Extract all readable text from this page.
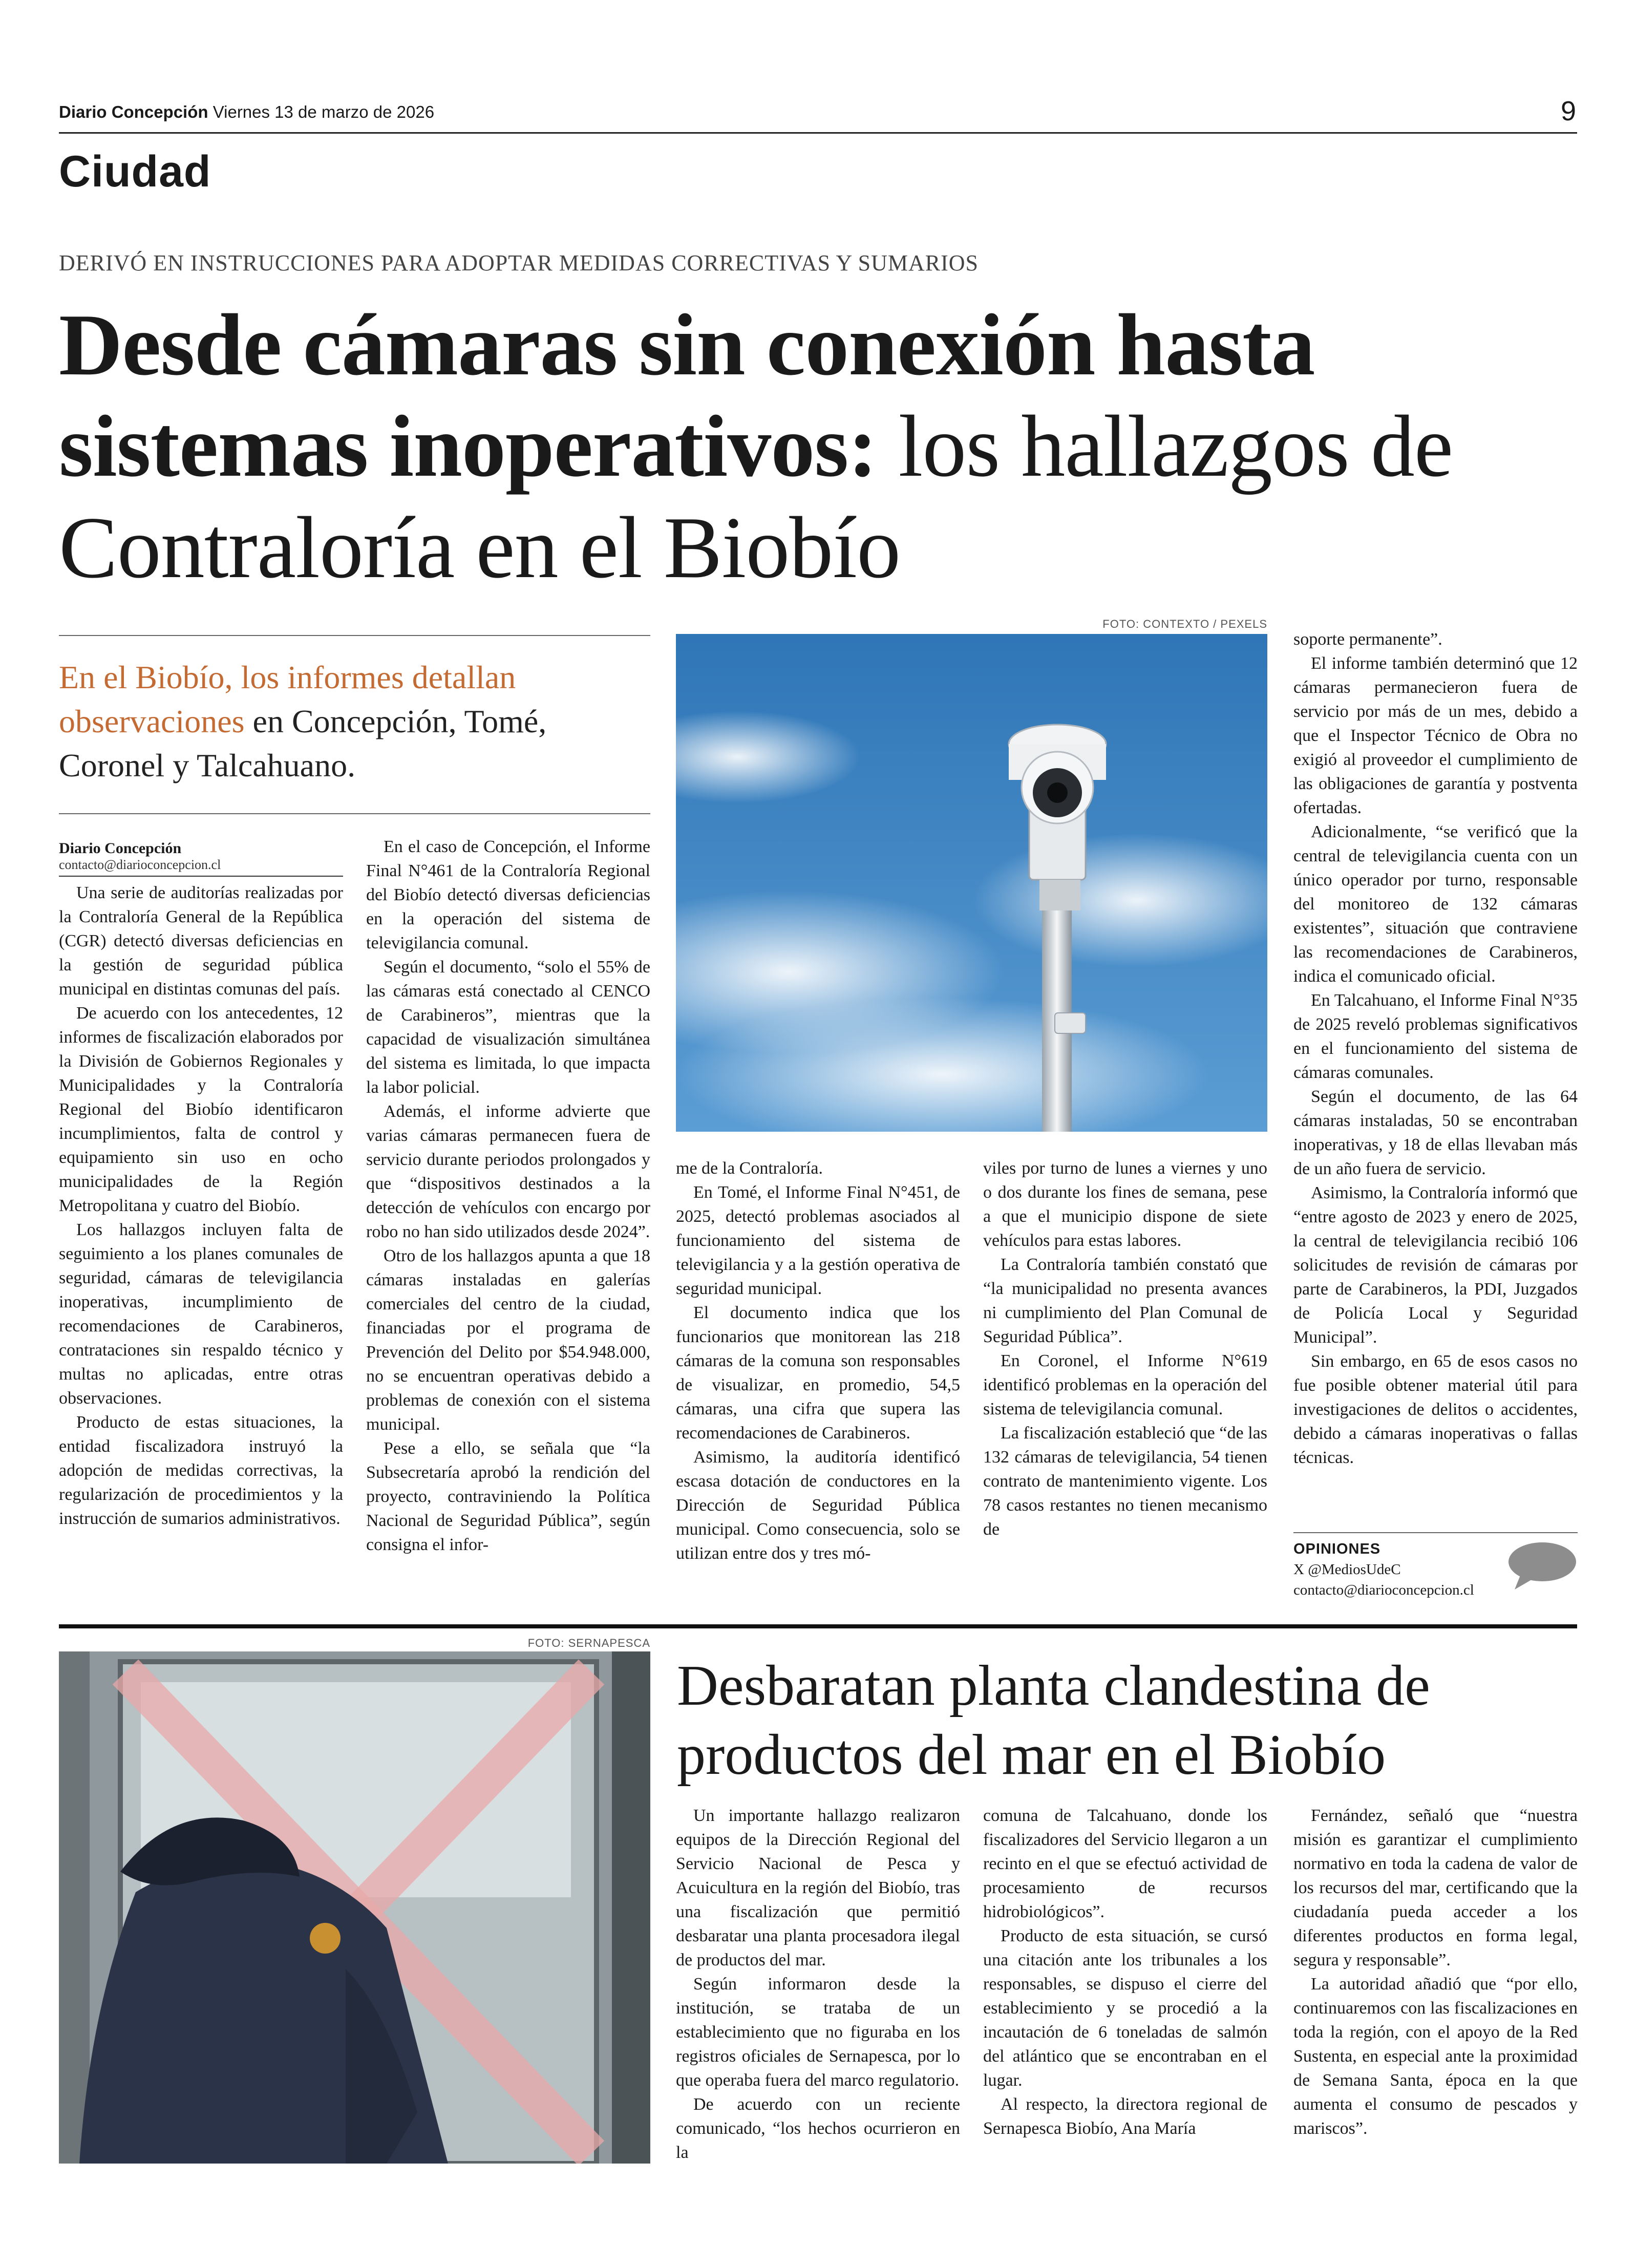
Diario Concepción Viernes 13 de marzo de 2026	9
Ciudad
DERIVÓ EN INSTRUCCIONES PARA ADOPTAR MEDIDAS CORRECTIVAS Y SUMARIOS
Desde cámaras sin conexión hasta sistemas inoperativos: los hallazgos de Contraloría en el Biobío
En el Biobío, los informes detallan observaciones en Concepción, Tomé, Coronel y Talcahuano.
Diario Concepción
contacto@diarioconcepcion.cl

Una serie de auditorías realizadas por la Contraloría General de la República (CGR) detectó diversas deficiencias en la gestión de seguridad pública municipal en distintas comunas del país.

De acuerdo con los antecedentes, 12 informes de fiscalización elaborados por la División de Gobiernos Regionales y Municipalidades y la Contraloría Regional del Biobío identificaron incumplimientos, falta de control y equipamiento sin uso en ocho municipalidades de la Región Metropolitana y cuatro del Biobío.

Los hallazgos incluyen falta de seguimiento a los planes comunales de seguridad, cámaras de televigilancia inoperativas, incumplimiento de recomendaciones de Carabineros, contrataciones sin respaldo técnico y multas no aplicadas, entre otras observaciones.

Producto de estas situaciones, la entidad fiscalizadora instruyó la adopción de medidas correctivas, la regularización de procedimientos y la instrucción de sumarios administrativos.

En el caso de Concepción, el Informe Final N°461 de la Contraloría Regional del Biobío detectó diversas deficiencias en la operación del sistema de televigilancia comunal.

Según el documento, “solo el 55% de las cámaras está conectado al CENCO de Carabineros”, mientras que la capacidad de visualización simultánea del sistema es limitada, lo que impacta la labor policial.

Además, el informe advierte que varias cámaras permanecen fuera de servicio durante periodos prolongados y que “dispositivos destinados a la detección de vehículos con encargo por robo no han sido utilizados desde 2024”.

Otro de los hallazgos apunta a que 18 cámaras instaladas en galerías comerciales del centro de la ciudad, financiadas por el programa de Prevención del Delito por $54.948.000, no se encuentran operativas debido a problemas de conexión con el sistema municipal.

Pese a ello, se señala que “la Subsecretaría aprobó la rendición del proyecto, contraviniendo la Política Nacional de Seguridad Pública”, según consigna el infor-

FOTO: CONTEXTO / PEXELS

me de la Contraloría.

En Tomé, el Informe Final N°451, de 2025, detectó problemas asociados al funcionamiento del sistema de televigilancia y a la gestión operativa de seguridad municipal.

El documento indica que los funcionarios que monitorean las 218 cámaras de la comuna son responsables de visualizar, en promedio, 54,5 cámaras, una cifra que supera las recomendaciones de Carabineros.

Asimismo, la auditoría identificó escasa dotación de conductores en la Dirección de Seguridad Pública municipal. Como consecuencia, solo se utilizan entre dos y tres mó-

viles por turno de lunes a viernes y uno o dos durante los fines de semana, pese a que el municipio dispone de siete vehículos para estas labores.

La Contraloría también constató que “la municipalidad no presenta avances ni cumplimiento del Plan Comunal de Seguridad Pública”.

En Coronel, el Informe N°619 identificó problemas en la operación del sistema de televigilancia comunal.

La fiscalización estableció que “de las 132 cámaras de televigilancia, 54 tienen contrato de mantenimiento vigente. Los 78 casos restantes no tienen mecanismo de

soporte permanente”.

El informe también determinó que 12 cámaras permanecieron fuera de servicio por más de un mes, debido a que el Inspector Técnico de Obra no exigió al proveedor el cumplimiento de las obligaciones de garantía y postventa ofertadas.

Adicionalmente, “se verificó que la central de televigilancia cuenta con un único operador por turno, responsable del monitoreo de 132 cámaras existentes”, situación que contraviene las recomendaciones de Carabineros, indica el comunicado oficial.

En Talcahuano, el Informe Final N°35 de 2025 reveló problemas significativos en el funcionamiento del sistema de cámaras comunales.

Según el documento, de las 64 cámaras instaladas, 50 se encontraban inoperativas, y 18 de ellas llevaban más de un año fuera de servicio.

Asimismo, la Contraloría informó que “entre agosto de 2023 y enero de 2025, la central de televigilancia recibió 106 solicitudes de revisión de cámaras por parte de Carabineros, la PDI, Juzgados de Policía Local y Seguridad Municipal”.

Sin embargo, en 65 de esos casos no fue posible obtener material útil para investigaciones de delitos o accidentes, debido a cámaras inoperativas o fallas técnicas.

OPINIONES
X @MediosUdeC
contacto@diarioconcepcion.cl
FOTO: SERNAPESCA
Desbaratan planta clandestina de productos del mar en el Biobío

Un importante hallazgo realizaron equipos de la Dirección Regional del Servicio Nacional de Pesca y Acuicultura en la región del Biobío, tras una fiscalización que permitió desbaratar una planta procesadora ilegal de productos del mar.

Según informaron desde la institución, se trataba de un establecimiento que no figuraba en los registros oficiales de Sernapesca, por lo que operaba fuera del marco regulatorio.

De acuerdo con un reciente comunicado, “los hechos ocurrieron en la

comuna de Talcahuano, donde los fiscalizadores del Servicio llegaron a un recinto en el que se efectuó actividad de procesamiento de recursos hidrobiológicos”.

Producto de esta situación, se cursó una citación ante los tribunales a los responsables, se dispuso el cierre del establecimiento y se procedió a la incautación de 6 toneladas de salmón del atlántico que se encontraban en el lugar.

Al respecto, la directora regional de Sernapesca Biobío, Ana María

Fernández, señaló que “nuestra misión es garantizar el cumplimiento normativo en toda la cadena de valor de los recursos del mar, certificando que la ciudadanía pueda acceder a los diferentes productos en forma legal, segura y responsable”.

La autoridad añadió que “por ello, continuaremos con las fiscalizaciones en toda la región, con el apoyo de la Red Sustenta, en especial ante la proximidad de Semana Santa, época en la que aumenta el consumo de pescados y mariscos”.
